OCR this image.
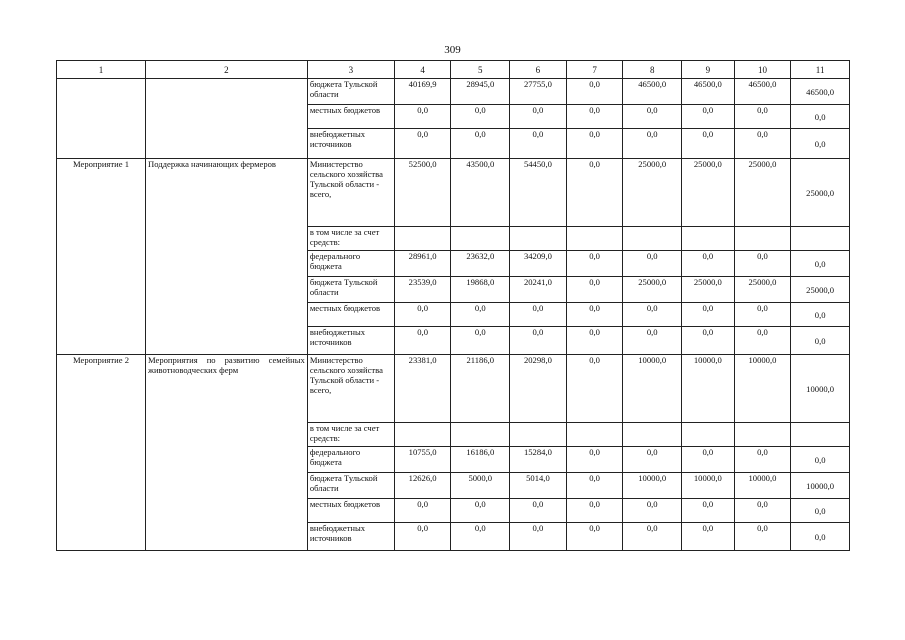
309
1	2	3	4	5	6	7	8	9	10	11
		бюджета Тульской области	40169,9	28945,0	27755,0	0,0	46500,0	46500,0	46500,0	46500,0
		местных бюджетов	0,0	0,0	0,0	0,0	0,0	0,0	0,0	0,0
		внебюджетных источников	0,0	0,0	0,0	0,0	0,0	0,0	0,0	0,0
Мероприятие 1	Поддержка начинающих фермеров	Министерство сельского хозяйства Тульской области - всего,	52500,0	43500,0	54450,0	0,0	25000,0	25000,0	25000,0	25000,0
		в том числе за счет средств:								
		федерального бюджета	28961,0	23632,0	34209,0	0,0	0,0	0,0	0,0	0,0
		бюджета Тульской области	23539,0	19868,0	20241,0	0,0	25000,0	25000,0	25000,0	25000,0
		местных бюджетов	0,0	0,0	0,0	0,0	0,0	0,0	0,0	0,0
		внебюджетных источников	0,0	0,0	0,0	0,0	0,0	0,0	0,0	0,0
Мероприятие 2	Мероприятия по развитию семейных животноводческих ферм	Министерство сельского хозяйства Тульской области - всего,	23381,0	21186,0	20298,0	0,0	10000,0	10000,0	10000,0	10000,0
		в том числе за счет средств:								
		федерального бюджета	10755,0	16186,0	15284,0	0,0	0,0	0,0	0,0	0,0
		бюджета Тульской области	12626,0	5000,0	5014,0	0,0	10000,0	10000,0	10000,0	10000,0
		местных бюджетов	0,0	0,0	0,0	0,0	0,0	0,0	0,0	0,0
		внебюджетных источников	0,0	0,0	0,0	0,0	0,0	0,0	0,0	0,0
